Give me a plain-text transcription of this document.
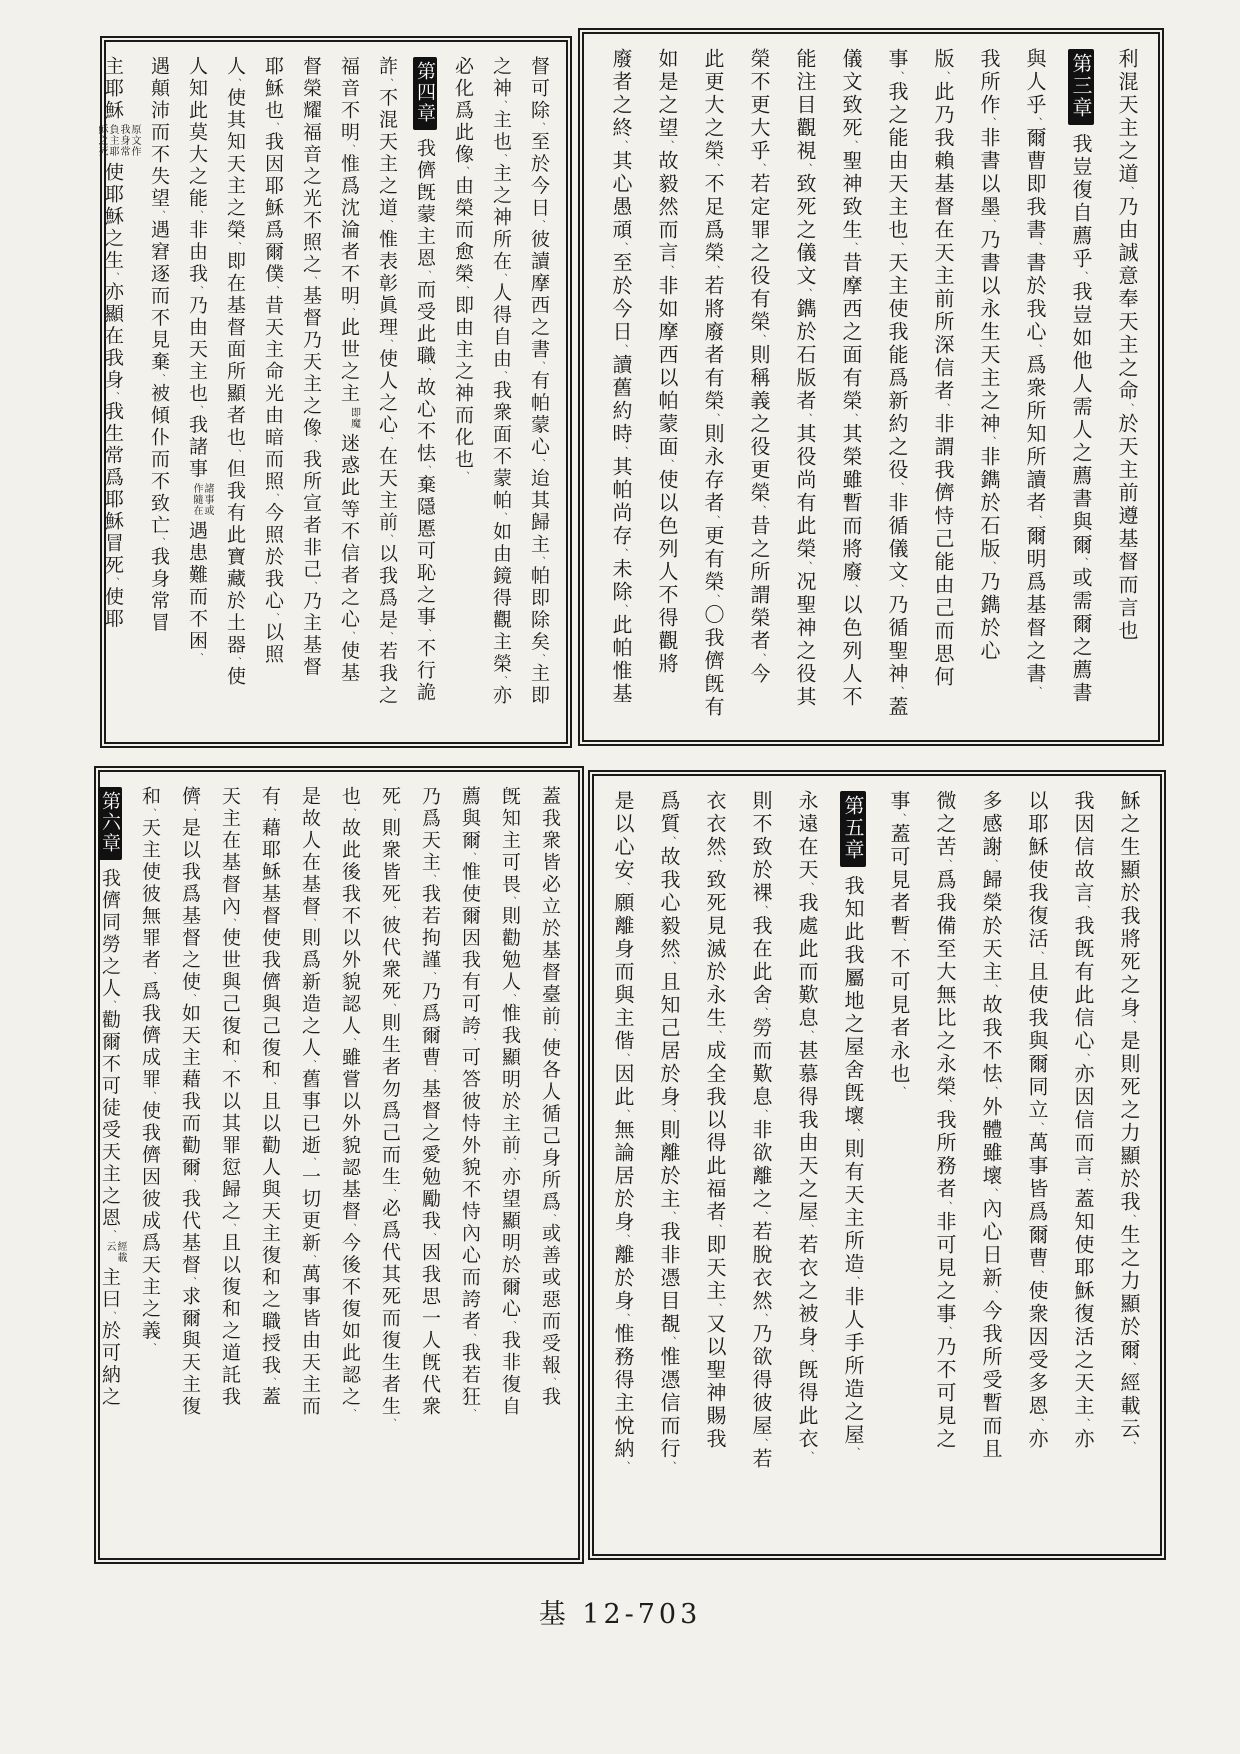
督可除、至於今日、彼讀摩西之書、有帕蒙心、迨其歸主、帕即除矣、主即
之神、主也、主之神所在、人得自由、我衆面不蒙帕、如由鏡得觀主榮、亦
必化爲此像、由榮而愈榮、即由主之神而化也、
第四章我儕旣蒙主恩、而受此職、故心不怯、棄隱慝可恥之事、不行詭
詐、不混天主之道、惟表彰眞理、使人之心、在天主前、以我爲是、若我之
福音不明、惟爲沈淪者不明、此世之主即魔迷惑此等不信者之心、使基
督榮耀福音之光不照之、基督乃天主之像、我所宣者非己、乃主基督
耶穌也、我因耶穌爲爾僕、昔天主命光由暗而照、今照於我心、以照
人、使其知天主之榮、即在基督面所顯者也、但我有此寶藏於土器、使
人知此莫大之能、非由我、乃由天主也、我諸事諸事或作隨在遇患難而不困、
遇顛沛而不失望、遇窘逐而不見棄、被傾仆而不致亡、我身常冒
主耶穌原文作我身常負主耶穌之死使耶穌之生、亦顯在我身、我生常爲耶穌冒死、使耶
利混天主之道、乃由誠意奉天主之命、於天主前遵基督而言也
第三章我豈復自薦乎、我豈如他人需人之薦書與爾、或需爾之薦書
與人乎、爾曹即我書、書於我心、爲衆所知所讀者、爾明爲基督之書、
我所作、非書以墨、乃書以永生天主之神、非鐫於石版、乃鐫於心
版、此乃我賴基督在天主前所深信者、非謂我儕恃己能由己而思何
事、我之能由天主也、天主使我能爲新約之役、非循儀文、乃循聖神、蓋
儀文致死、聖神致生、昔摩西之面有榮、其榮雖暫而將廢、以色列人不
能注目觀視、致死之儀文、鐫於石版者、其役尚有此榮、况聖神之役其
榮不更大乎、若定罪之役有榮、則稱義之役更榮、昔之所謂榮者、今
此更大之榮、不足爲榮、若將廢者有榮、則永存者、更有榮、〇我儕旣有
如是之望、故毅然而言、非如摩西以帕蒙面、使以色列人不得觀將
廢者之終、其心愚頑、至於今日、讀舊約時、其帕尚存、未除、此帕惟基
蓋我衆皆必立於基督臺前、使各人循己身所爲、或善或惡而受報、我
旣知主可畏、則勸勉人、惟我顯明於主前、亦望顯明於爾心、我非復自
薦與爾、惟使爾因我有可誇、可答彼恃外貌不恃內心而誇者、我若狂、
乃爲天主、我若拘謹、乃爲爾曹、基督之愛勉勵我、因我思一人旣代衆
死、則衆皆死、彼代衆死、則生者勿爲己而生、必爲代其死而復生者生、
也、故此後我不以外貌認人、雖嘗以外貌認基督、今後不復如此認之、
是故人在基督、則爲新造之人、舊事已逝、一切更新、萬事皆由天主而
有、藉耶穌基督使我儕與己復和、且以勸人與天主復和之職授我、蓋
天主在基督內、使世與己復和、不以其罪愆歸之、且以復和之道託我
儕、是以我爲基督之使、如天主藉我而勸爾、我代基督、求爾與天主復
和、天主使彼無罪者、爲我儕成罪、使我儕因彼成爲天主之義、
第六章我儕同勞之人、勸爾不可徒受天主之恩、經載云主曰、於可納之
穌之生顯於我將死之身、是則死之力顯於我、生之力顯於爾、經載云、
我因信故言、我旣有此信心、亦因信而言、蓋知使耶穌復活之天主、亦
以耶穌使我復活、且使我與爾同立、萬事皆爲爾曹、使衆因受多恩、亦
多感謝、歸榮於天主、故我不怯、外體雖壞、內心日新、今我所受暫而且
微之苦、爲我備至大無比之永榮、我所務者、非可見之事、乃不可見之
事、蓋可見者暫、不可見者永也、
第五章我知此我屬地之屋舍旣壞、則有天主所造、非人手所造之屋、
永遠在天、我處此而歎息、甚慕得我由天之屋、若衣之被身、旣得此衣、
則不致於裸、我在此舍、勞而歎息、非欲離之、若脫衣然、乃欲得彼屋、若
衣衣然、致死見滅於永生、成全我以得此福者、即天主、又以聖神賜我
爲質、故我心毅然、且知己居於身、則離於主、我非憑目覩、惟憑信而行、
是以心安、願離身而與主偕、因此、無論居於身、離於身、惟務得主悅納、
基 12-703
